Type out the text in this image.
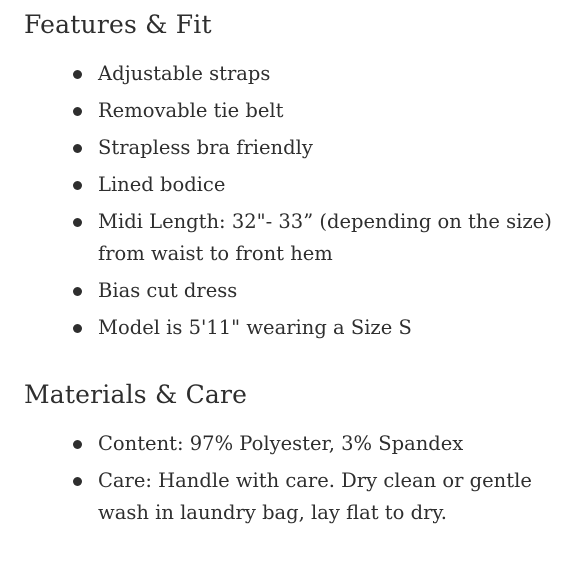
Features & Fit
Adjustable straps
Removable tie belt
Strapless bra friendly
Lined bodice
Midi Length: 32"- 33” (depending on the size) from waist to front hem
Bias cut dress
Model is 5'11" wearing a Size S
Materials & Care
Content: 97% Polyester, 3% Spandex
Care: Handle with care. Dry clean or gentle wash in laundry bag, lay flat to dry.
